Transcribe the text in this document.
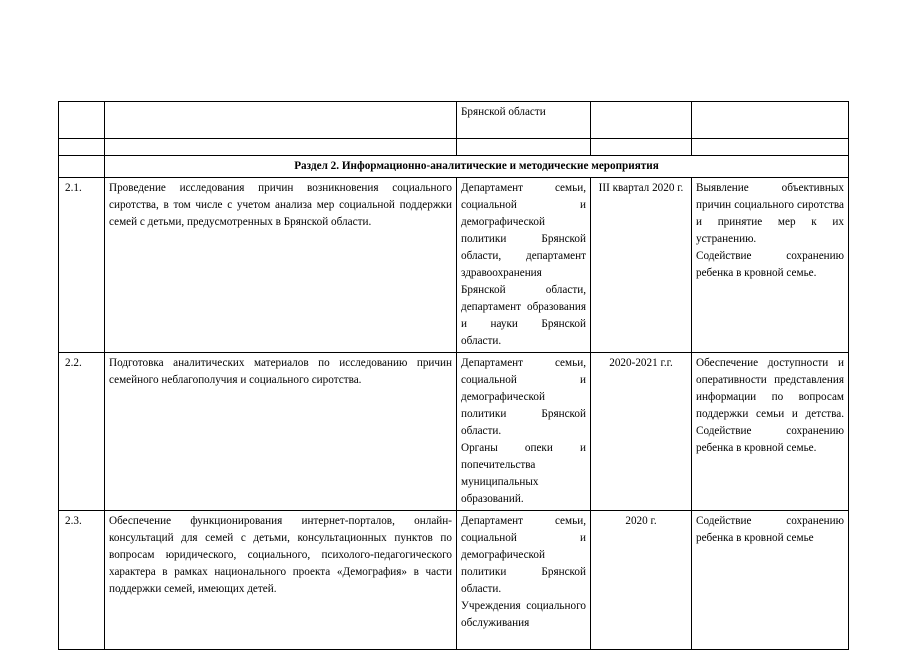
		Брянской области		

	Раздел 2. Информационно-аналитические и методические мероприятия			
2.1.	Проведение исследования причин возникновения социального сиротства, в том числе с учетом анализа мер социальной поддержки семей с детьми, предусмотренных в Брянской области.	Департамент семьи, социальной и демографической политики Брянской области, департамент здравоохранения Брянской области, департамент образования и науки Брянской области.	III квартал 2020 г.	Выявление объективных причин социального сиротства и принятие мер к их устранению.
Содействие сохранению ребенка в кровной семье.

2.2.	Подготовка аналитических материалов по исследованию причин семейного неблагополучия и социального сиротства.	Департамент семьи, социальной и демографической политики Брянской области.
Органы опеки и попечительства муниципальных образований.	2020-2021 г.г.	Обеспечение доступности и оперативности представления информации по вопросам поддержки семьи и детства. Содействие сохранению ребенка в кровной семье.
2.3.	Обеспечение функционирования интернет-порталов, онлайн-консультаций для семей с детьми, консультационных пунктов по вопросам юридического, социального, психолого-педагогического характера в рамках национального проекта «Демография» в части поддержки семей, имеющих детей.	Департамент семьи, социальной и демографической политики Брянской области.
Учреждения социального обслуживания	2020 г.	Содействие сохранению ребенка в кровной семье
